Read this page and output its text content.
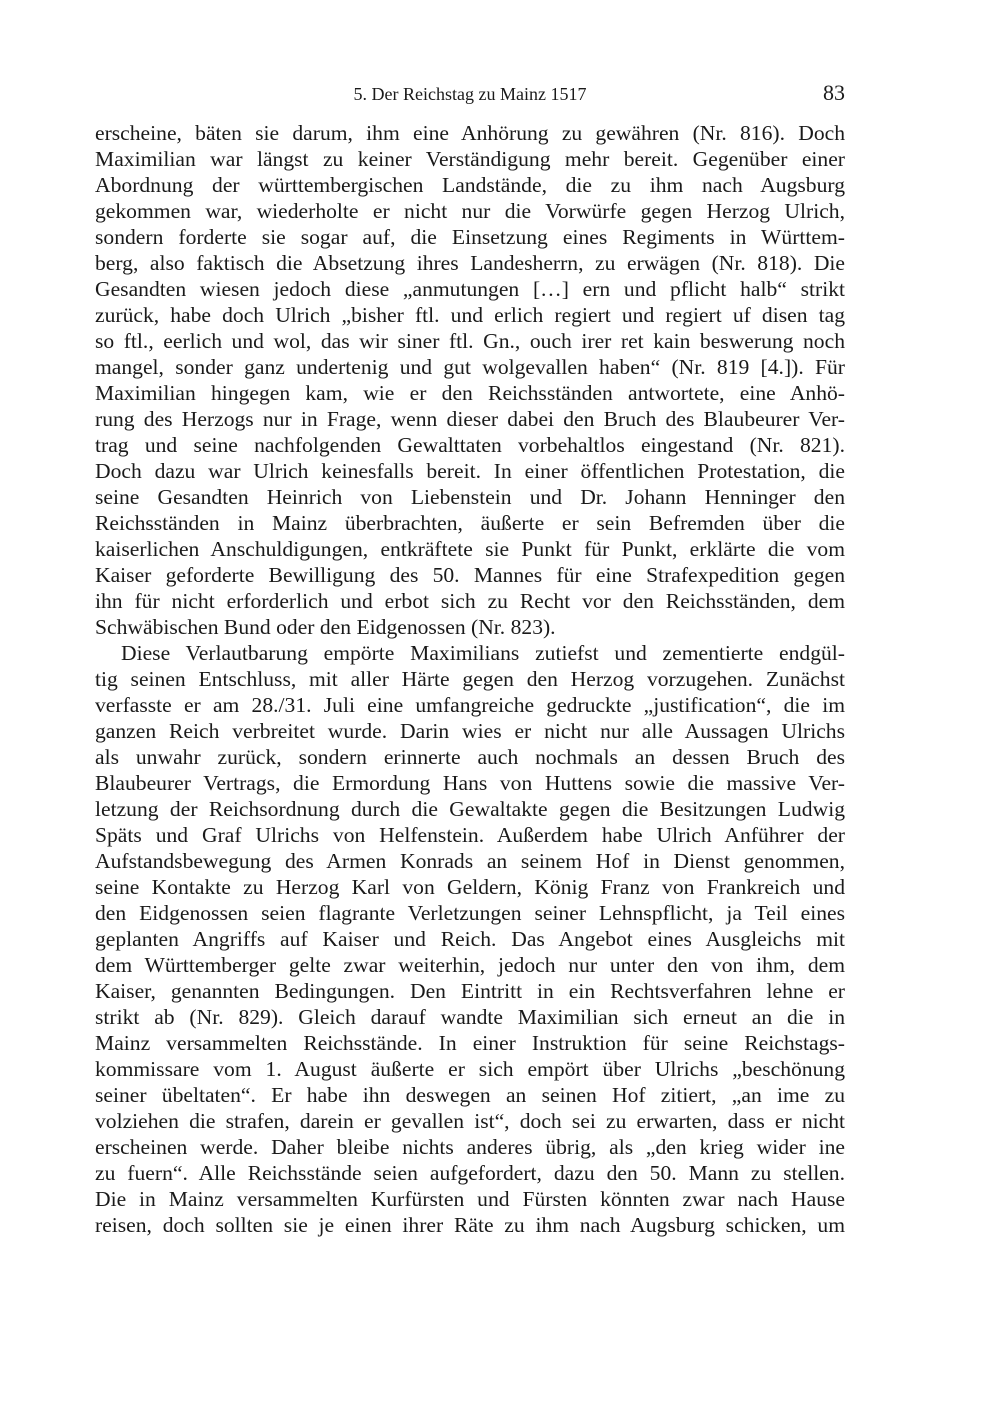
5. Der Reichstag zu Mainz 1517	83
erscheine, bäten sie darum, ihm eine Anhörung zu gewähren (Nr. 816). Doch
Maximilian war längst zu keiner Verständigung mehr bereit. Gegenüber einer
Abordnung der württembergischen Landstände, die zu ihm nach Augsburg
gekommen war, wiederholte er nicht nur die Vorwürfe gegen Herzog Ulrich,
sondern forderte sie sogar auf, die Einsetzung eines Regiments in Württem-
berg, also faktisch die Absetzung ihres Landesherrn, zu erwägen (Nr. 818). Die
Gesandten wiesen jedoch diese „anmutungen […] ern und pflicht halb“ strikt
zurück, habe doch Ulrich „bisher ftl. und erlich regiert und regiert uf disen tag
so ftl., eerlich und wol, das wir siner ftl. Gn., ouch irer ret kain beswerung noch
mangel, sonder ganz undertenig und gut wolgevallen haben“ (Nr. 819 [4.]). Für
Maximilian hingegen kam, wie er den Reichsständen antwortete, eine Anhö-
rung des Herzogs nur in Frage, wenn dieser dabei den Bruch des Blaubeurer Ver-
trag und seine nachfolgenden Gewalttaten vorbehaltlos eingestand (Nr. 821).
Doch dazu war Ulrich keinesfalls bereit. In einer öffentlichen Protestation, die
seine Gesandten Heinrich von Liebenstein und Dr. Johann Henninger den
Reichsständen in Mainz überbrachten, äußerte er sein Befremden über die
kaiserlichen Anschuldigungen, entkräftete sie Punkt für Punkt, erklärte die vom
Kaiser geforderte Bewilligung des 50. Mannes für eine Strafexpedition gegen
ihn für nicht erforderlich und erbot sich zu Recht vor den Reichsständen, dem
Schwäbischen Bund oder den Eidgenossen (Nr. 823).
Diese Verlautbarung empörte Maximilians zutiefst und zementierte endgül-
tig seinen Entschluss, mit aller Härte gegen den Herzog vorzugehen. Zunächst
verfasste er am 28./31. Juli eine umfangreiche gedruckte „justification“, die im
ganzen Reich verbreitet wurde. Darin wies er nicht nur alle Aussagen Ulrichs
als unwahr zurück, sondern erinnerte auch nochmals an dessen Bruch des
Blaubeurer Vertrags, die Ermordung Hans von Huttens sowie die massive Ver-
letzung der Reichsordnung durch die Gewaltakte gegen die Besitzungen Ludwig
Späts und Graf Ulrichs von Helfenstein. Außerdem habe Ulrich Anführer der
Aufstandsbewegung des Armen Konrads an seinem Hof in Dienst genommen,
seine Kontakte zu Herzog Karl von Geldern, König Franz von Frankreich und
den Eidgenossen seien flagrante Verletzungen seiner Lehnspflicht, ja Teil eines
geplanten Angriffs auf Kaiser und Reich. Das Angebot eines Ausgleichs mit
dem Württemberger gelte zwar weiterhin, jedoch nur unter den von ihm, dem
Kaiser, genannten Bedingungen. Den Eintritt in ein Rechtsverfahren lehne er
strikt ab (Nr. 829). Gleich darauf wandte Maximilian sich erneut an die in
Mainz versammelten Reichsstände. In einer Instruktion für seine Reichstags-
kommissare vom 1. August äußerte er sich empört über Ulrichs „beschönung
seiner übeltaten“. Er habe ihn deswegen an seinen Hof zitiert, „an ime zu
volziehen die strafen, darein er gevallen ist“, doch sei zu erwarten, dass er nicht
erscheinen werde. Daher bleibe nichts anderes übrig, als „den krieg wider ine
zu fuern“. Alle Reichsstände seien aufgefordert, dazu den 50. Mann zu stellen.
Die in Mainz versammelten Kurfürsten und Fürsten könnten zwar nach Hause
reisen, doch sollten sie je einen ihrer Räte zu ihm nach Augsburg schicken, um
